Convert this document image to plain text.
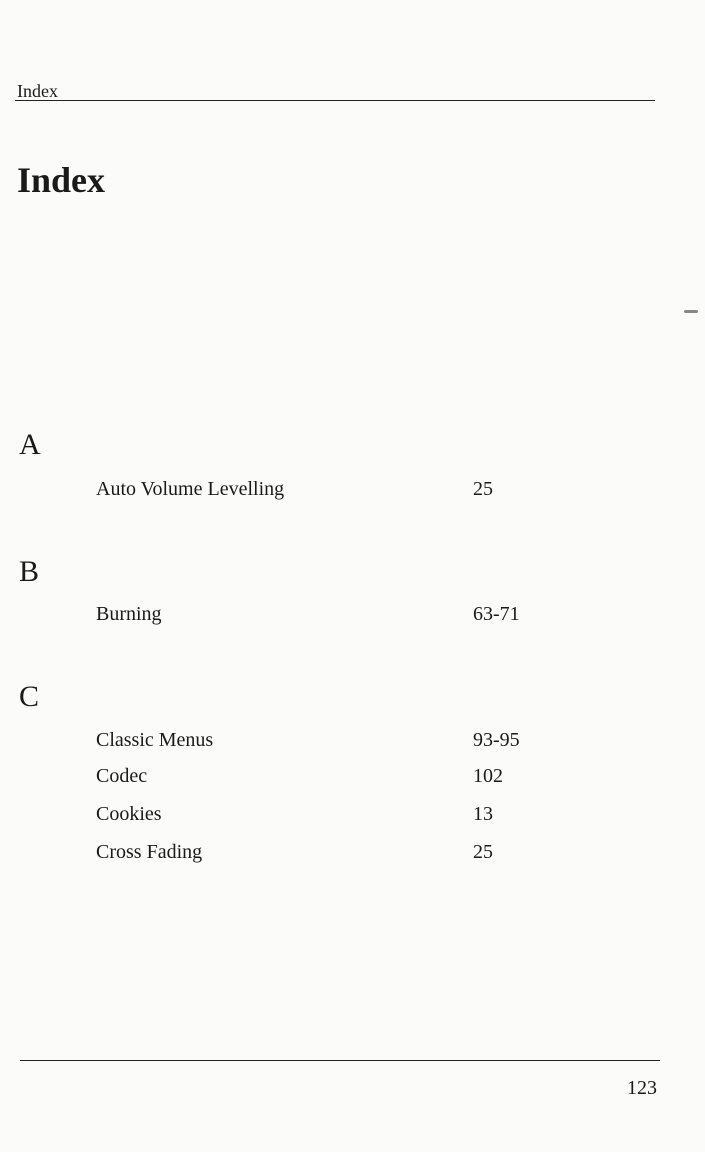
Index
Index
A
Auto Volume Levelling	25
B
Burning	63-71
C
Classic Menus	93-95
Codec	102
Cookies	13
Cross Fading	25
123
